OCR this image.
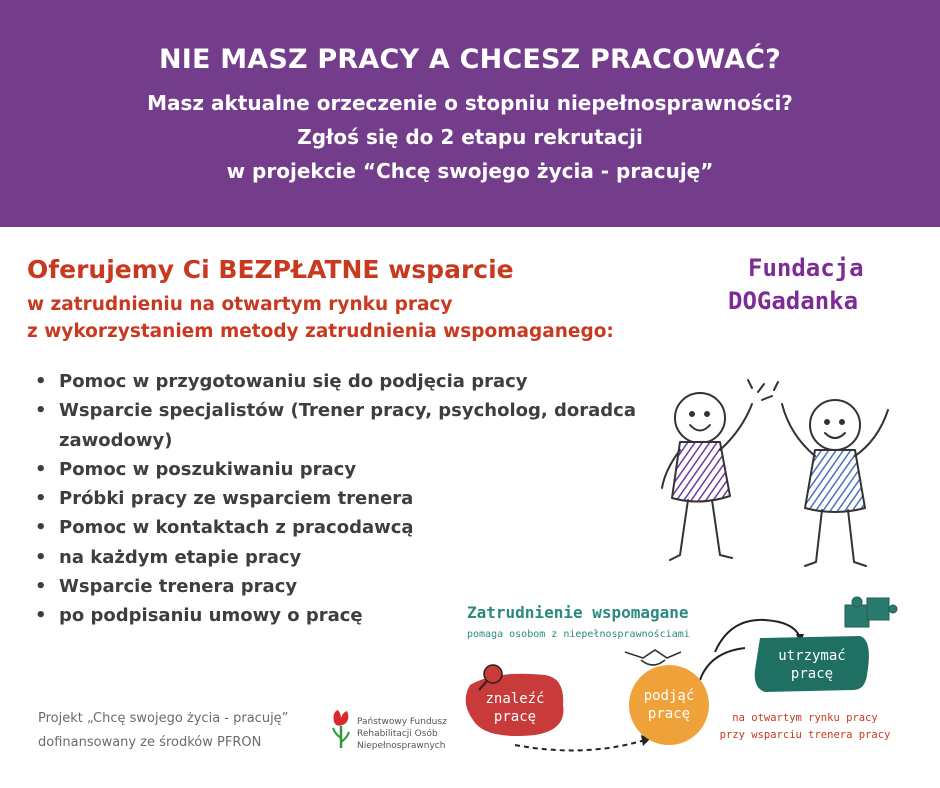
NIE MASZ PRACY A CHCESZ PRACOWAĆ?
Masz aktualne orzeczenie o stopniu niepełnosprawności?
Zgłoś się do 2 etapu rekrutacji
w projekcie “Chcę swojego życia - pracuję”
Oferujemy Ci BEZPŁATNE wsparcie
w zatrudnieniu na otwartym rynku pracy
z wykorzystaniem metody zatrudnienia wspomaganego:
Fundacja
DOGadanka
• Pomoc w przygotowaniu się do podjęcia pracy
• Wsparcie specjalistów (Trener pracy, psycholog, doradca zawodowy)
• Pomoc w poszukiwaniu pracy
• Próbki pracy ze wsparciem trenera
• Pomoc w kontaktach z pracodawcą
• na każdym etapie pracy
• Wsparcie trenera pracy
• po podpisaniu umowy o pracę	Zatrudnienie wspomagane
pomaga osobom z niepełnosprawnościami
znaleźć
pracę
podjąć
pracę
utrzymać
pracę
na otwartym rynku pracy
przy wsparciu trenera pracy
Projekt „Chcę swojego życia - pracuję”
dofinansowany ze środków PFRON
Państwowy Fundusz
Rehabilitacji Osób
Niepełnosprawnych
